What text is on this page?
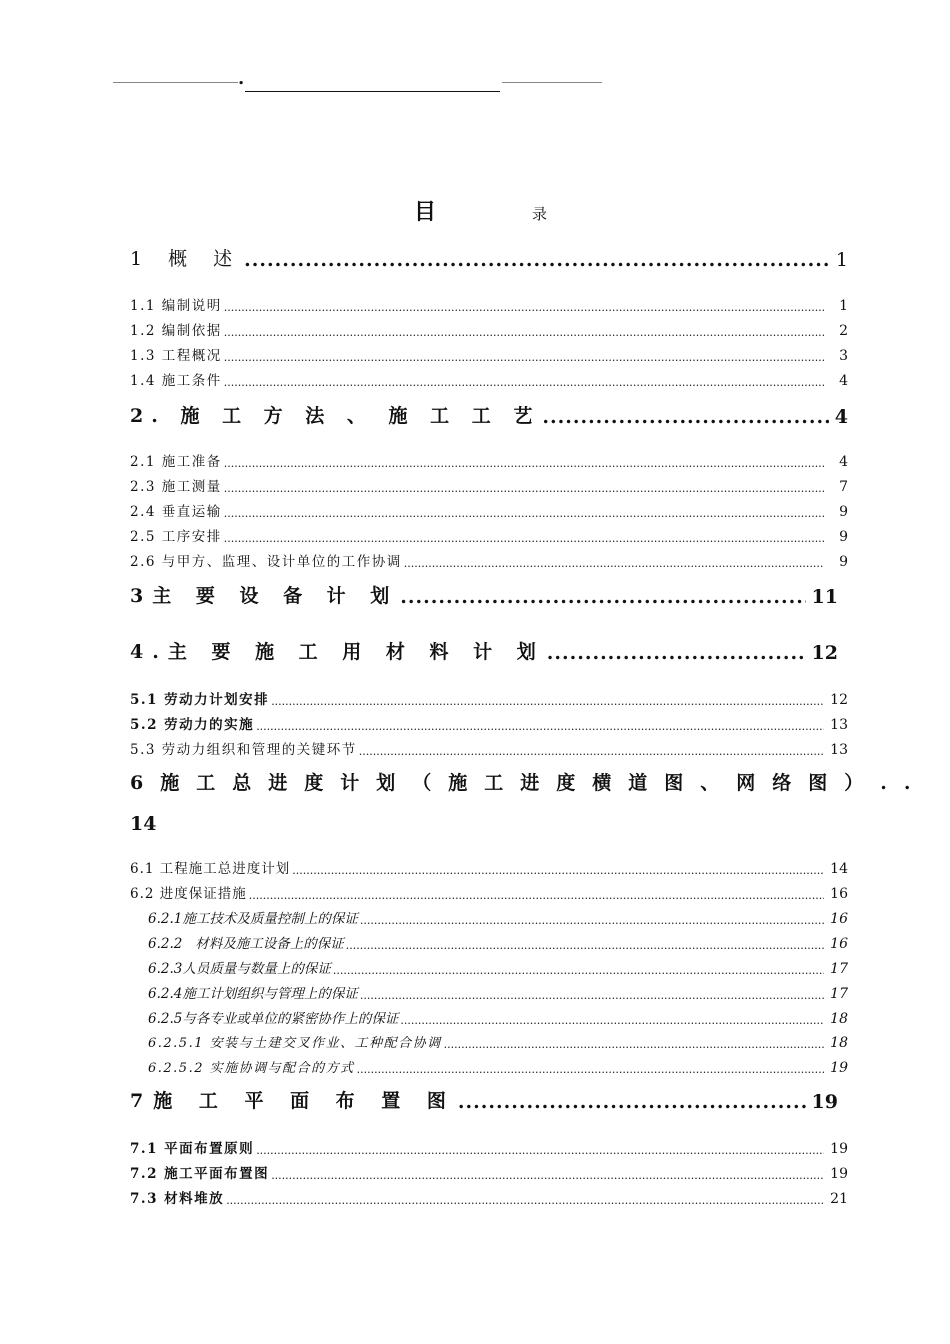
.
目	录
1 概 述 .....	1
1.1 编制说明 .....	1
1.2 编制依据 .....	2
1.3 工程概况 .....	3
1.4 施工条件 .....	4
2. 施 工 方 法 、 施 工 工 艺 .....	4
2.1 施工准备 .....	4
2.3 施工测量 .....	7
2.4 垂直运输 .....	9
2.5 工序安排 .....	9
2.6 与甲方、监理、设计单位的工作协调 .....	9
3主 要 设 备 计 划 .....	11
4.主 要 施 工 用 材 料 计 划 .....	12
5.1 劳动力计划安排 .....	12
5.2 劳动力的实施 .....	13
5.3 劳动力组织和管理的关键环节 .....	13
6施工总进度计划（施工进度横道图、网络图）..
14
6.1 工程施工总进度计划 .....	14
6.2 进度保证措施 .....	16
6.2.1施工技术及质量控制上的保证 .....	16
6.2.2   材料及施工设备上的保证 .....	16
6.2.3人员质量与数量上的保证 .....	17
6.2.4施工计划组织与管理上的保证 .....	17
6.2.5与各专业或单位的紧密协作上的保证 .....	18
6.2.5.1 安装与土建交叉作业、工种配合协调 .....	18
6.2.5.2 实施协调与配合的方式 .....	19
7施 工 平 面 布 置 图 .....	19
7.1 平面布置原则 .....	19
7.2 施工平面布置图 .....	19
7.3 材料堆放 .....	21
